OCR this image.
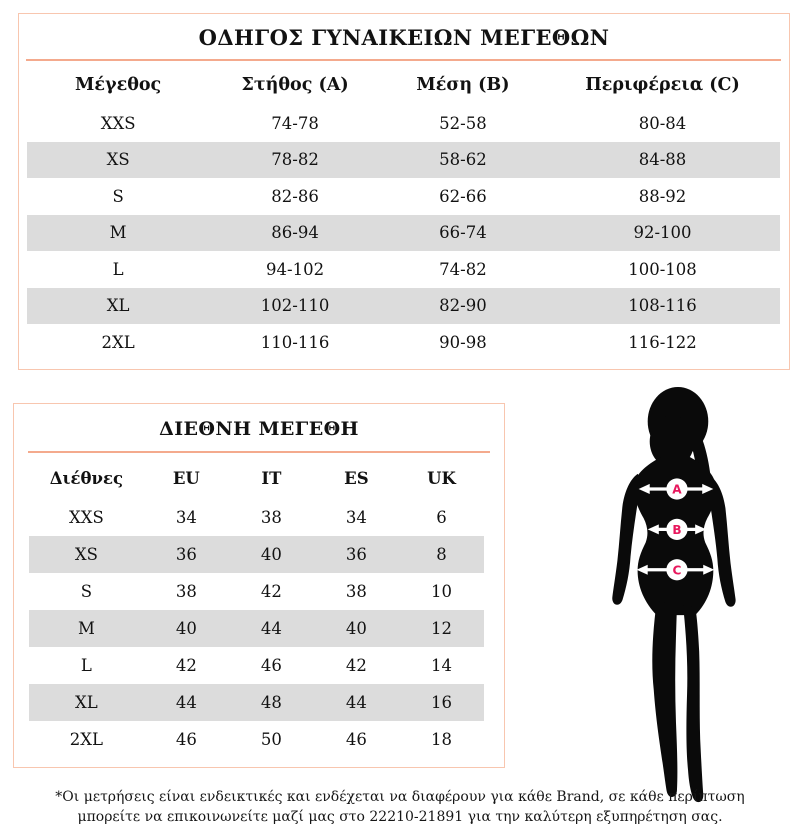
ΟΔΗΓΟΣ ΓΥΝΑΙΚΕΙΩΝ ΜΕΓΕΘΩΝ
Μέγεθος	Στήθος (A)	Μέση (B)	Περιφέρεια (C)
XXS	74-78	52-58	80-84
XS	78-82	58-62	84-88
S	82-86	62-66	88-92
M	86-94	66-74	92-100
L	94-102	74-82	100-108
XL	102-110	82-90	108-116
2XL	110-116	90-98	116-122
ΔΙΕΘΝΗ ΜΕΓΕΘΗ
Διέθνες	EU	IT	ES	UK
XXS	34	38	34	6
XS	36	40	36	8
S	38	42	38	10
M	40	44	40	12
L	42	46	42	14
XL	44	48	44	16
2XL	46	50	46	18
A
B
C
*Οι μετρήσεις είναι ενδεικτικές και ενδέχεται να διαφέρουν για κάθε Brand, σε κάθε περίπτωση
μπορείτε να επικοινωνείτε μαζί μας στο 22210-21891 για την καλύτερη εξυπηρέτηση σας.
